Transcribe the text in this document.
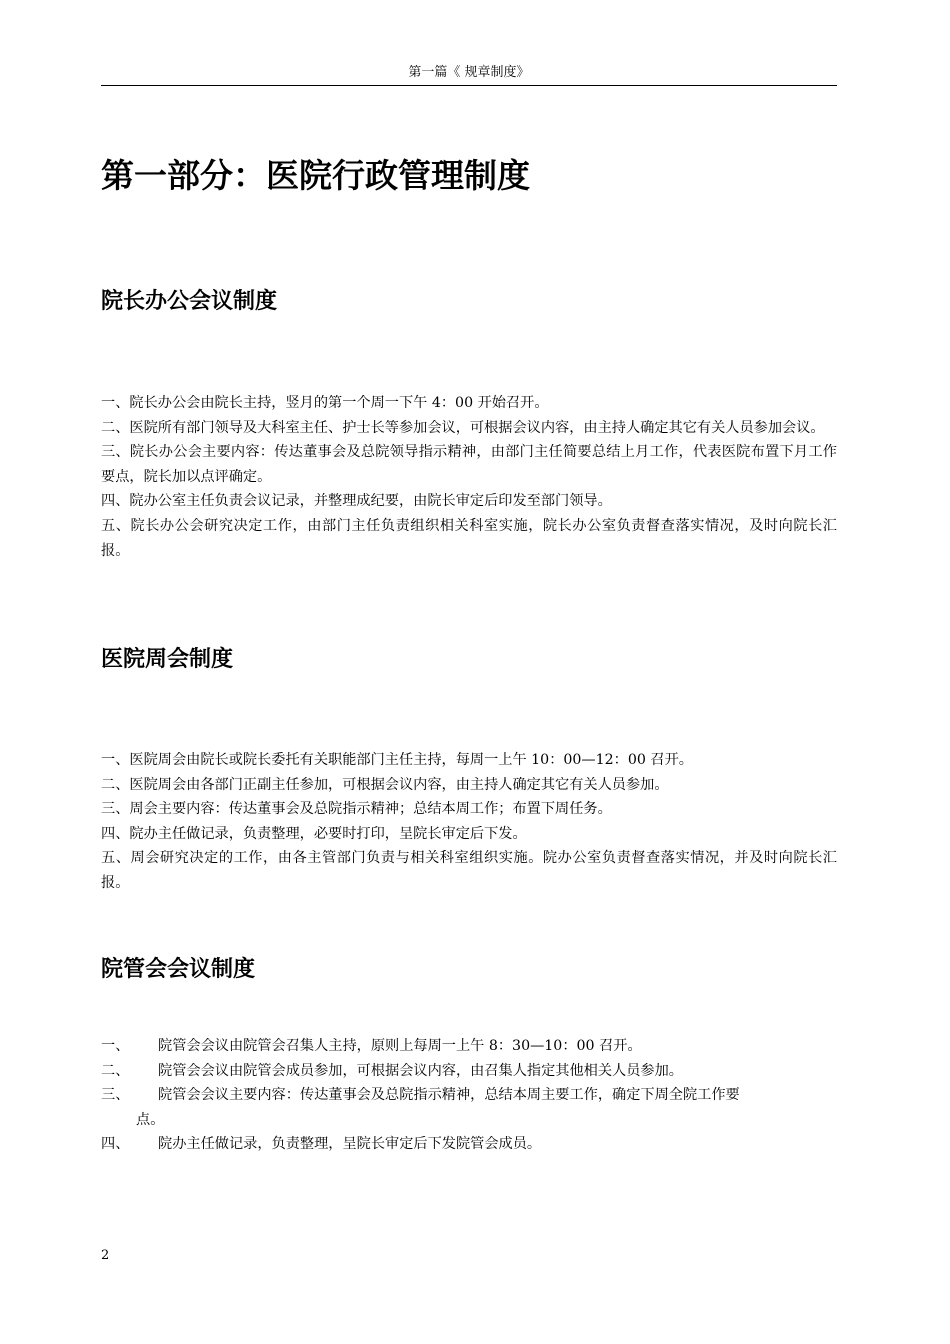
第一篇《 规章制度》
第一部分：医院行政管理制度
院长办公会议制度

一、院长办公会由院长主持，竖月的第一个周一下午 4：00 开始召开。

二、医院所有部门领导及大科室主任、护士长等参加会议，可根据会议内容，由主持人确定其它有关人员参加会议。

三、院长办公会主要内容：传达董事会及总院领导指示精神，由部门主任简要总结上月工作，代表医院布置下月工作要点，院长加以点评确定。

四、院办公室主任负责会议记录，并整理成纪要，由院长审定后印发至部门领导。

五、院长办公会研究决定工作，由部门主任负责组织相关科室实施，院长办公室负责督查落实情况，及时向院长汇报。

医院周会制度

一、医院周会由院长或院长委托有关职能部门主任主持，每周一上午 10：00—12：00 召开。

二、医院周会由各部门正副主任参加，可根据会议内容，由主持人确定其它有关人员参加。

三、周会主要内容：传达董事会及总院指示精神；总结本周工作；布置下周任务。

四、院办主任做记录，负责整理，必要时打印，呈院长审定后下发。

五、周会研究决定的工作，由各主管部门负责与相关科室组织实施。院办公室负责督查落实情况，并及时向院长汇报。

院管会会议制度
一、	院管会会议由院管会召集人主持，原则上每周一上午 8：30—10：00 召开。
二、	院管会会议由院管会成员参加，可根据会议内容，由召集人指定其他相关人员参加。
三、	院管会会议主要内容：传达董事会及总院指示精神，总结本周主要工作，确定下周全院工作要
点。
四、	院办主任做记录，负责整理，呈院长审定后下发院管会成员。
2
